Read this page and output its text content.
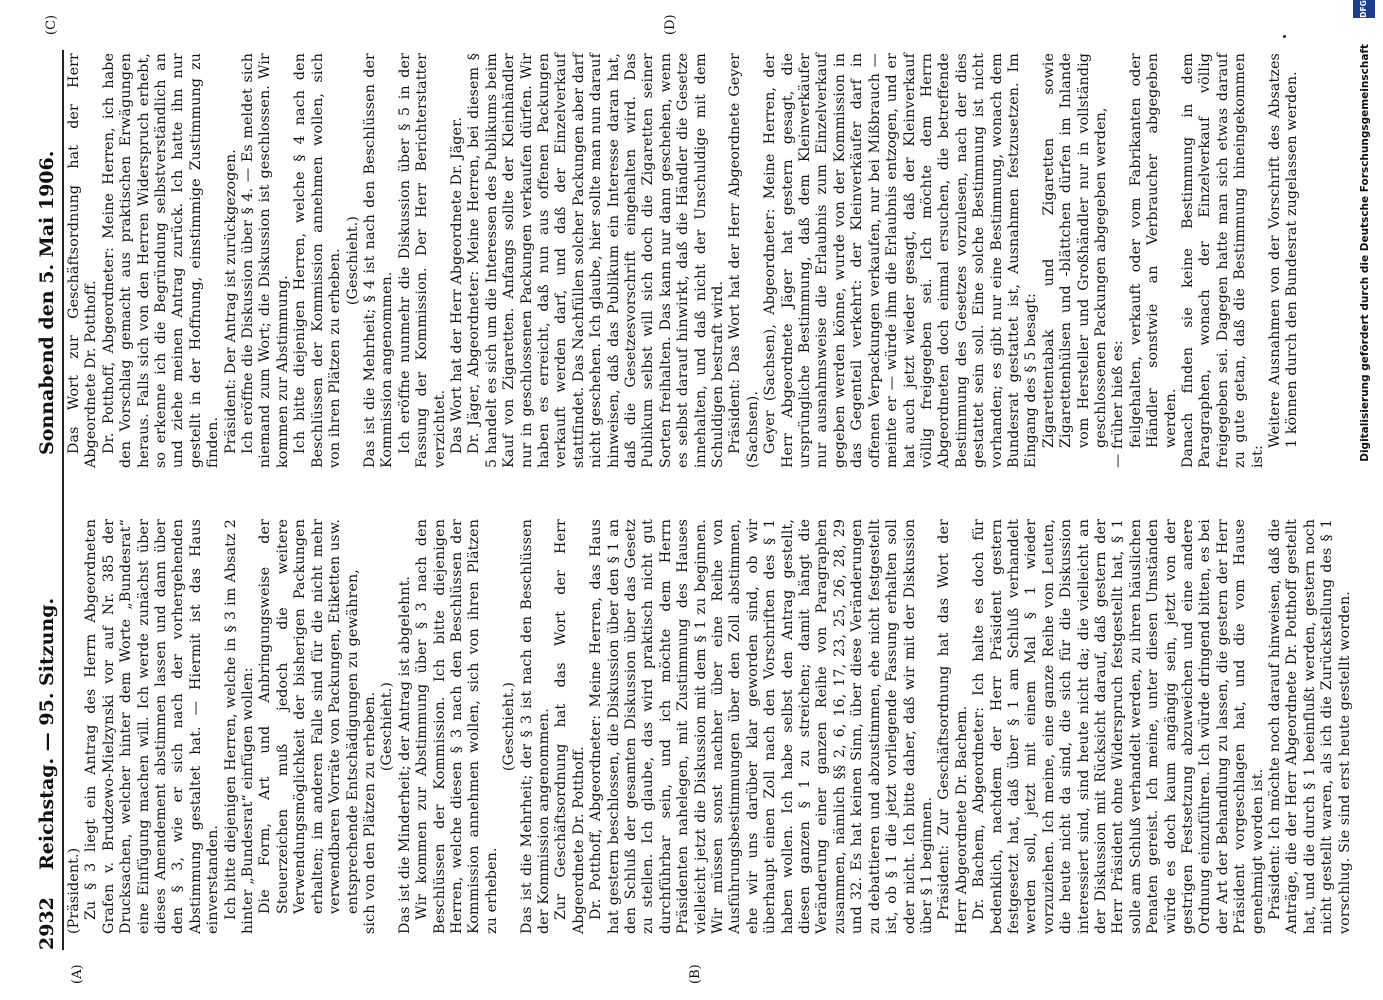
2932
Reichstag. — 95. Sitzung.
Sonnabend den 5. Mai 1906.
(A)	(B)
(C)	(D)

(Präsident.) Zu § 3 liegt ein Antrag des Herrn Abgeordneten Grafen v. Brudzewo-Mielzynski vor auf Nr. 385 der Drucksachen, welcher hinter dem Worte „Bundesrat“ eine Einfügung machen will. Ich werde zunächst über dieses Amendement abstimmen lassen und dann über den § 3, wie er sich nach der vorhergehenden Abstimmung gestaltet hat. — Hiermit ist das Haus einverstanden. Ich bitte diejenigen Herren, welche in § 3 im Absatz 2 hinter „Bundesrat“ einfügen wollen: Die Form, Art und Anbringungsweise der Steuerzeichen muß jedoch die weitere Verwendungsmöglichkeit der bisherigen Packungen erhalten; im anderen Falle sind für die nicht mehr verwendbaren Vorräte von Packungen, Etiketten usw. entsprechende Entschädigungen zu gewähren, sich von den Plätzen zu erheben. (Geschieht.) Das ist die Minderheit; der Antrag ist abgelehnt. Wir kommen zur Abstimmung über § 3 nach den Beschlüssen der Kommission. Ich bitte diejenigen Herren, welche diesen § 3 nach den Beschlüssen der Kommission annehmen wollen, sich von ihren Plätzen zu erheben.

(Geschieht.) Das ist die Mehrheit; der § 3 ist nach den Beschlüssen der Kommission angenommen. Zur Geschäftsordnung hat das Wort der Herr Abgeordnete Dr. Potthoff. Dr. Potthoff, Abgeordneter: Meine Herren, das Haus hat gestern beschlossen, die Diskussion über den § 1 an den Schluß der gesamten Diskussion über das Gesetz zu stellen. Ich glaube, das wird praktisch nicht gut durchführbar sein, und ich möchte dem Herrn Präsidenten nahelegen, mit Zustimmung des Hauses vielleicht jetzt die Diskussion mit dem § 1 zu beginnen. Wir müssen sonst nachher über eine Reihe von Ausführungsbestimmungen über den Zoll abstimmen, ehe wir uns darüber klar geworden sind, ob wir überhaupt einen Zoll nach den Vorschriften des § 1 haben wollen. Ich habe selbst den Antrag gestellt, diesen ganzen § 1 zu streichen; damit hängt die Veränderung einer ganzen Reihe von Paragraphen zusammen, nämlich §§ 2, 6, 16, 17, 23, 25, 26, 28, 29 und 32. Es hat keinen Sinn, über diese Veränderungen zu debattieren und abzustimmen, ehe nicht festgestellt ist, ob § 1 die jetzt vorliegende Fassung erhalten soll oder nicht. Ich bitte daher, daß wir mit der Diskussion über § 1 beginnen. Präsident: Zur Geschäftsordnung hat das Wort der Herr Abgeordnete Dr. Bachem. Dr. Bachem, Abgeordneter: Ich halte es doch für bedenklich, nachdem der Herr Präsident gestern festgesetzt hat, daß über § 1 am Schluß verhandelt werden soll, jetzt mit einem Mal § 1 wieder vorzuziehen. Ich meine, eine ganze Reihe von Leuten, die heute nicht da sind, die sich für die Diskussion interessiert sind, sind heute nicht da; die vielleicht an der Diskussion mit Rücksicht darauf, daß gestern der Herr Präsident ohne Widerspruch festgestellt hat, § 1 solle am Schluß verhandelt werden, zu ihren häuslichen Penaten gereist. Ich meine, unter diesen Umständen würde es doch kaum angängig sein, jetzt von der gestrigen Festsetzung abzuweichen und eine andere Ordnung einzuführen. Ich würde dringend bitten, es bei der Art der Behandlung zu lassen, die gestern der Herr Präsident vorgeschlagen hat, und die vom Hause genehmigt worden ist. Präsident: Ich möchte noch darauf hinweisen, daß die Anträge, die der Herr Abgeordnete Dr. Potthoff gestellt hat, und die durch § 1 beeinflußt werden, gestern noch nicht gestellt waren, als ich die Zurückstellung des § 1 vorschlug. Sie sind erst heute gestellt worden.

Das Wort zur Geschäftsordnung hat der Herr Abgeordnete Dr. Potthoff. Dr. Potthoff, Abgeordneter: Meine Herren, ich habe den Vorschlag gemacht aus praktischen Erwägungen heraus. Falls sich von den Herren Widerspruch erhebt, so erkenne ich die Begründung selbstverständlich an und ziehe meinen Antrag zurück. Ich hatte ihn nur gestellt in der Hoffnung, einstimmige Zustimmung zu finden. Präsident: Der Antrag ist zurückgezogen. Ich eröffne die Diskussion über § 4. — Es meldet sich niemand zum Wort; die Diskussion ist geschlossen. Wir kommen zur Abstimmung. Ich bitte diejenigen Herren, welche § 4 nach den Beschlüssen der Kommission annehmen wollen, sich von ihren Plätzen zu erheben. (Geschieht.) Das ist die Mehrheit; § 4 ist nach den Beschlüssen der Kommission angenommen. Ich eröffne nunmehr die Diskussion über § 5 in der Fassung der Kommission. Der Herr Berichterstatter verzichtet. Das Wort hat der Herr Abgeordnete Dr. Jäger. Dr. Jäger, Abgeordneter: Meine Herren, bei diesem § 5 handelt es sich um die Interessen des Publikums beim Kauf von Zigaretten. Anfangs sollte der Kleinhändler nur in geschlossenen Packungen verkaufen dürfen. Wir haben es erreicht, daß nun aus offenen Packungen verkauft werden darf, und daß der Einzelverkauf stattfindet. Das Nachfüllen solcher Packungen aber darf nicht geschehen. Ich glaube, hier sollte man nun darauf hinweisen, daß das Publikum ein Interesse daran hat, daß die Gesetzesvorschrift eingehalten wird. Das Publikum selbst will sich doch die Zigaretten seiner Sorten freihalten. Das kann nur dann geschehen, wenn es selbst darauf hinwirkt, daß die Händler die Gesetze innehalten, und daß nicht der Unschuldige mit dem Schuldigen bestraft wird. Präsident: Das Wort hat der Herr Abgeordnete Geyer (Sachsen). Geyer (Sachsen), Abgeordneter: Meine Herren, der Herr Abgeordnete Jäger hat gestern gesagt, die ursprüngliche Bestimmung, daß dem Kleinverkäufer nur ausnahmsweise die Erlaubnis zum Einzelverkauf gegeben werden könne, wurde von der Kommission in das Gegenteil verkehrt: der Kleinverkäufer darf in offenen Verpackungen verkaufen, nur bei Mißbrauch — meinte er — würde ihm die Erlaubnis entzogen, und er hat auch jetzt wieder gesagt, daß der Kleinverkauf völlig freigegeben sei. Ich möchte dem Herrn Abgeordneten doch einmal ersuchen, die betreffende Bestimmung des Gesetzes vorzulesen, nach der dies gestattet sein soll. Eine solche Bestimmung ist nicht vorhanden; es gibt nur eine Bestimmung, wonach dem Bundesrat gestattet ist, Ausnahmen festzusetzen. Im Eingang des § 5 besagt: Zigarettentabak und Zigaretten sowie Zigarettenhülsen und -blättchen dürfen im Inlande vom Hersteller und Großhändler nur in vollständig geschlossenen Packungen abgegeben werden, — früher hieß es: feilgehalten, verkauft oder vom Fabrikanten oder Händler sonstwie an Verbraucher abgegeben werden. Danach finden sie keine Bestimmung in dem Paragraphen, wonach der Einzelverkauf völlig freigegeben sei. Dagegen hatte man sich etwas darauf zu gute getan, daß die Bestimmung hineingekommen ist:

Weitere Ausnahmen von der Vorschrift des Absatzes 1 können durch den Bundesrat zugelassen werden.	Digitalisierung gefördert durch die Deutsche Forschungsgemeinschaft
DFG
